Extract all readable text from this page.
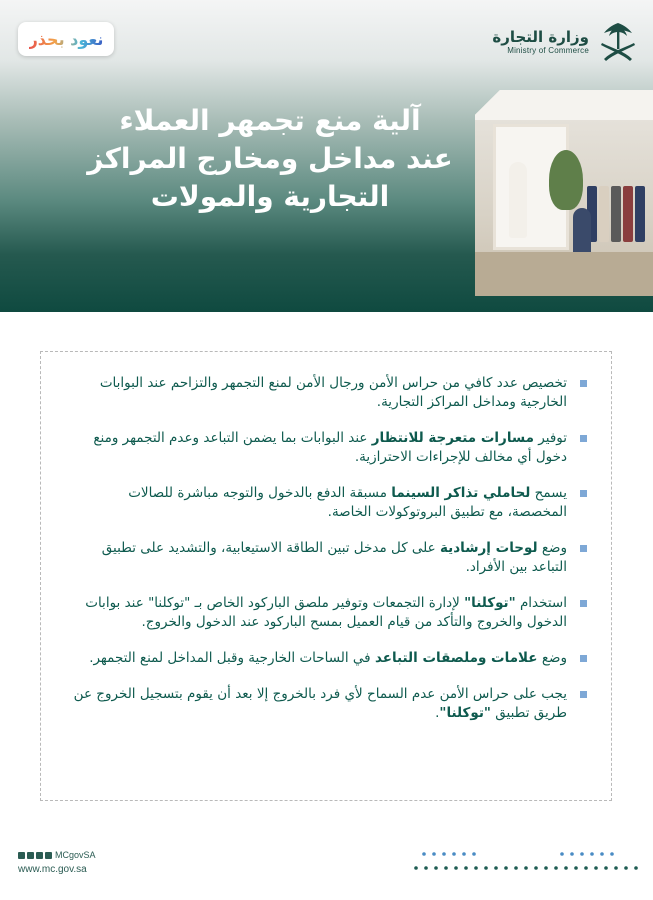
نعود بحذر	وزارة التجارة
Ministry of Commerce
آلية منع تجمهر العملاء
عند مداخل ومخارج المراكز
التجارية والمولات
تخصيص عدد كافي من حراس الأمن ورجال الأمن لمنع التجمهر والتزاحم عند البوابات الخارجية ومداخل المراكز التجارية.
توفير مسارات متعرجة للانتظار عند البوابات بما يضمن التباعد وعدم التجمهر ومنع دخول أي مخالف للإجراءات الاحترازية.
يسمح لحاملي تذاكر السينما مسبقة الدفع بالدخول والتوجه مباشرة للصالات المخصصة، مع تطبيق البروتوكولات الخاصة.
وضع لوحات إرشادية على كل مدخل تبين الطاقة الاستيعابية، والتشديد على تطبيق التباعد بين الأفراد.
استخدام "توكلنا" لإدارة التجمعات وتوفير ملصق الباركود الخاص بـ "توكلنا" عند بوابات الدخول والخروج والتأكد من قيام العميل بمسح الباركود عند الدخول والخروج.
وضع علامات وملصقات التباعد في الساحات الخارجية وقبل المداخل لمنع التجمهر.
يجب على حراس الأمن عدم السماح لأي فرد بالخروج إلا بعد أن يقوم بتسجيل الخروج عن طريق تطبيق "توكلنا".
MCgovSA
www.mc.gov.sa
